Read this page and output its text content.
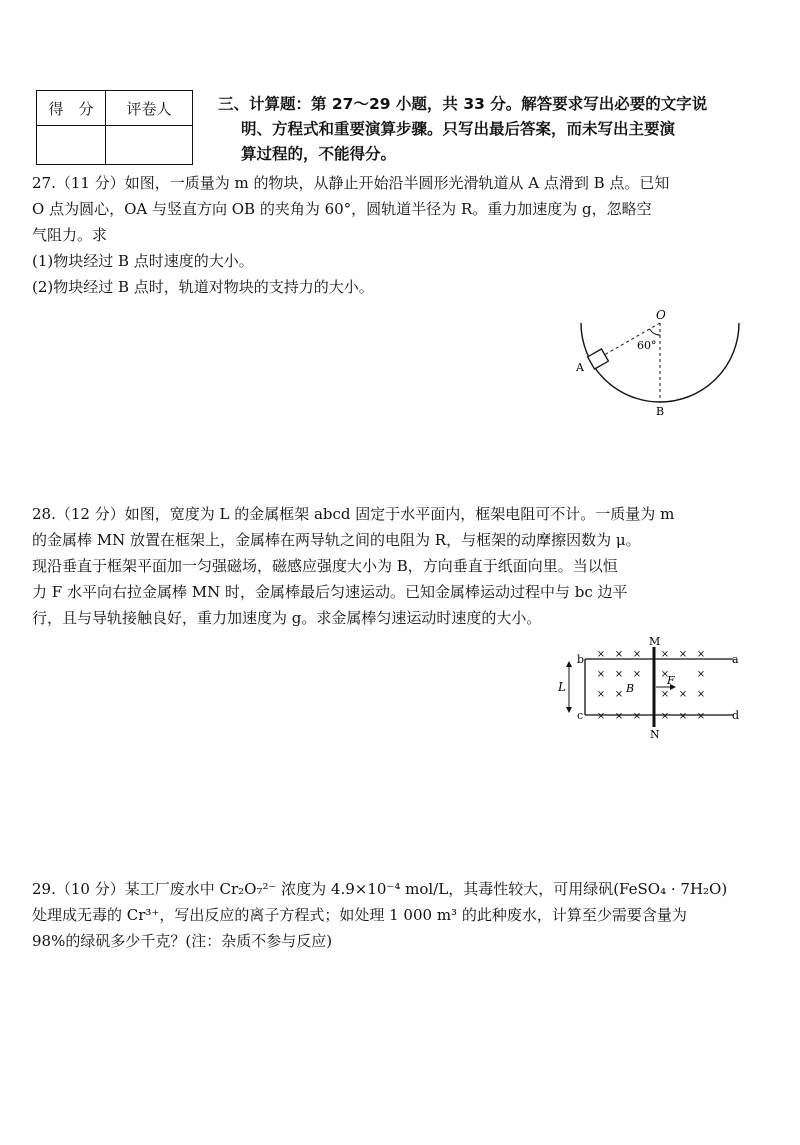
得　分	评卷人
		三、计算题：第 27～29 小题，共 33 分。解答要求写出必要的文字说
明、方程式和重要演算步骤。只写出最后答案，而未写出主要演
算过程的，不能得分。

27.（11 分）如图，一质量为 m 的物块，从静止开始沿半圆形光滑轨道从 A 点滑到 B 点。已知

O 点为圆心，OA 与竖直方向 OB 的夹角为 60°，圆轨道半径为 R。重力加速度为 g，忽略空

气阻力。求

(1)物块经过 B 点时速度的大小。

(2)物块经过 B 点时，轨道对物块的支持力的大小。

O
60°
A
B

28.（12 分）如图，宽度为 L 的金属框架 abcd 固定于水平面内，框架电阻可不计。一质量为 m

的金属棒 MN 放置在框架上，金属棒在两导轨之间的电阻为 R，与框架的动摩擦因数为 μ。

现沿垂直于框架平面加一匀强磁场，磁感应强度大小为 B，方向垂直于纸面向里。当以恒

力 F 水平向右拉金属棒 MN 时，金属棒最后匀速运动。已知金属棒运动过程中与 bc 边平

行，且与导轨接触良好，重力加速度为 g。求金属棒匀速运动时速度的大小。

× × × × × ×
× × × ×	×
× ×	× × ×
× × × × × ×
b
c
a
d
M
N
L	B
F

29.（10 分）某工厂废水中 Cr₂O₇²⁻ 浓度为 4.9×10⁻⁴ mol/L，其毒性较大，可用绿矾(FeSO₄ · 7H₂O)

处理成无毒的 Cr³⁺，写出反应的离子方程式；如处理 1 000 m³ 的此种废水，计算至少需要含量为

98%的绿矾多少千克？(注：杂质不参与反应)
